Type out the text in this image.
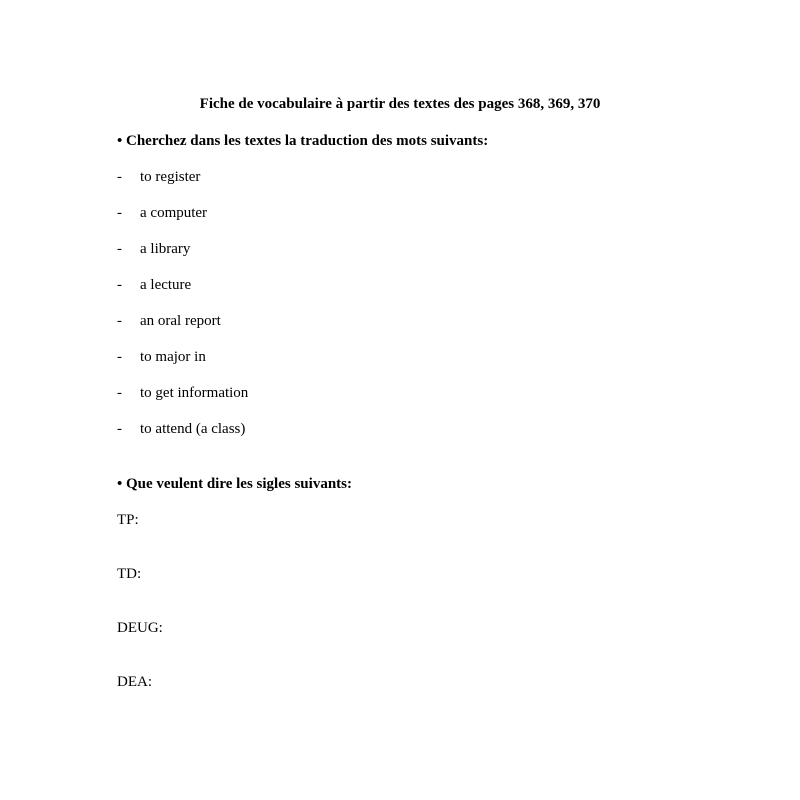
Fiche de vocabulaire à partir des textes des pages 368, 369, 370
• Cherchez dans les textes la traduction des mots suivants:
- to register
- a computer
- a library
- a lecture
- an oral report
- to major in
- to get information
- to attend (a class)
• Que veulent dire les sigles suivants:
TP:
TD:
DEUG:
DEA:
